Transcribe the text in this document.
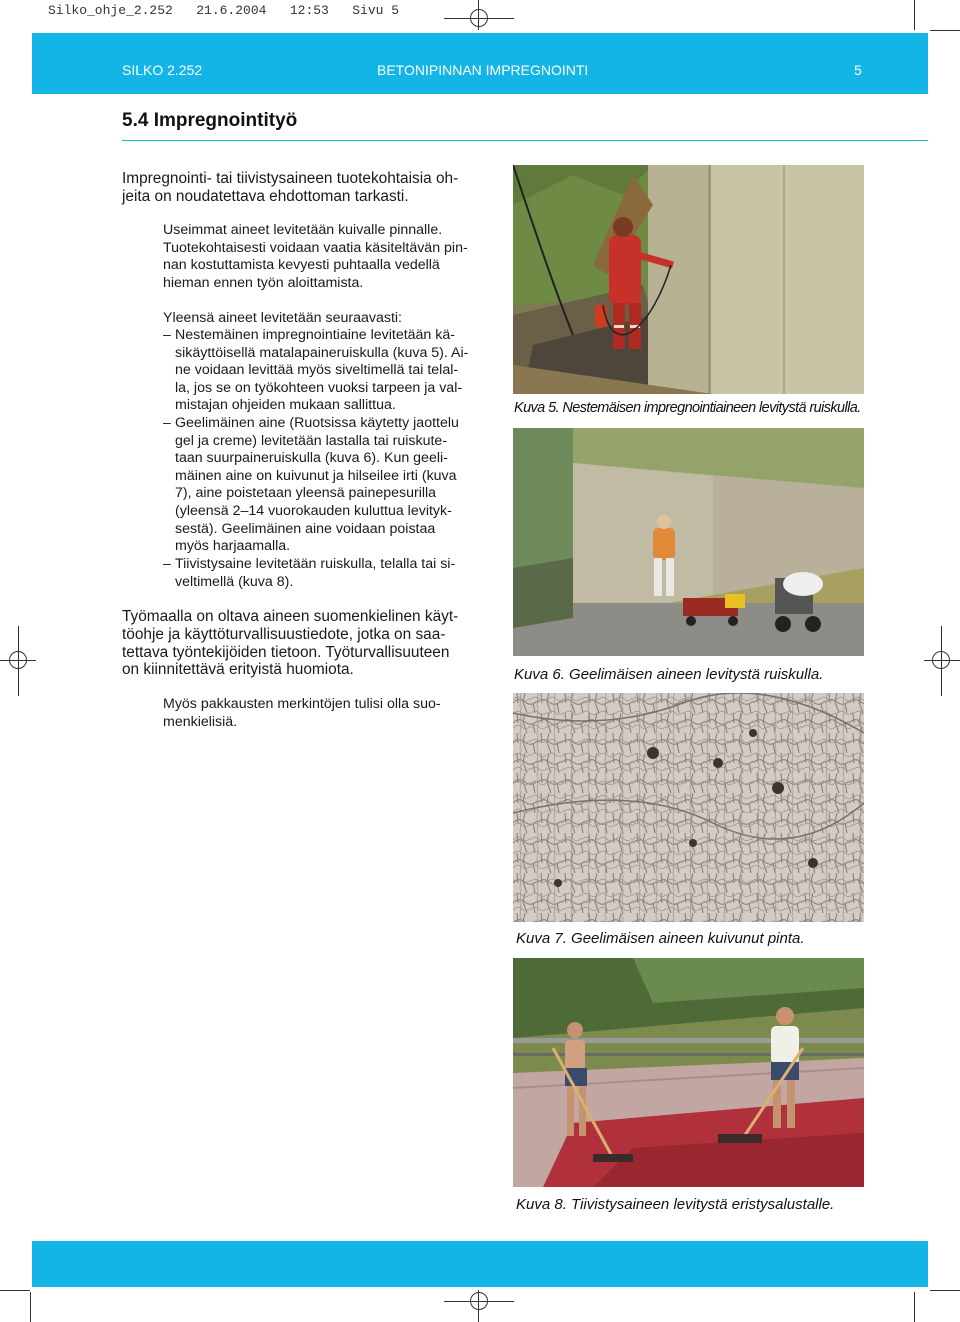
Silko_ohje_2.252   21.6.2004   12:53   Sivu 5
SILKO 2.252	BETONIPINNAN IMPREGNOINTI	5
5.4 Impregnointityö
Impregnointi- tai tiivistysaineen tuotekohtaisia oh-
jeita on noudatettava ehdottoman tarkasti.
Useimmat aineet levitetään kuivalle pinnalle.
Tuotekohtaisesti voidaan vaatia käsiteltävän pin-
nan kostuttamista kevyesti puhtaalla vedellä
hieman ennen työn aloittamista.
Yleensä aineet levitetään seuraavasti:
– Nestemäinen impregnointiaine levitetään kä-
sikäyttöisellä matalapaineruiskulla (kuva 5). Ai-
ne voidaan levittää myös siveltimellä tai telal-
la, jos se on työkohteen vuoksi tarpeen ja val-
mistajan ohjeiden mukaan sallittua.
– Geelimäinen aine (Ruotsissa käytetty jaottelu
gel ja creme) levitetään lastalla tai ruiskute-
taan suurpaineruiskulla (kuva 6). Kun geeli-
mäinen aine on kuivunut ja hilseilee irti (kuva
7), aine poistetaan yleensä painepesurilla
(yleensä 2–14 vuorokauden kuluttua levityk-
sestä). Geelimäinen aine voidaan poistaa
myös harjaamalla.
– Tiivistysaine levitetään ruiskulla, telalla tai si-
veltimellä (kuva 8).
Työmaalla on oltava aineen suomenkielinen käyt-
töohje ja käyttöturvallisuustiedote, jotka on saa-
tettava työntekijöiden tietoon. Työturvallisuuteen
on kiinnitettävä erityistä huomiota.
Myös pakkausten merkintöjen tulisi olla suo-
menkielisiä.
Kuva 5. Nestemäisen impregnointiaineen levitystä ruiskulla.
Kuva 6. Geelimäisen aineen levitystä ruiskulla.
Kuva 7. Geelimäisen aineen kuivunut pinta.
Kuva 8. Tiivistysaineen levitystä eristysalustalle.
